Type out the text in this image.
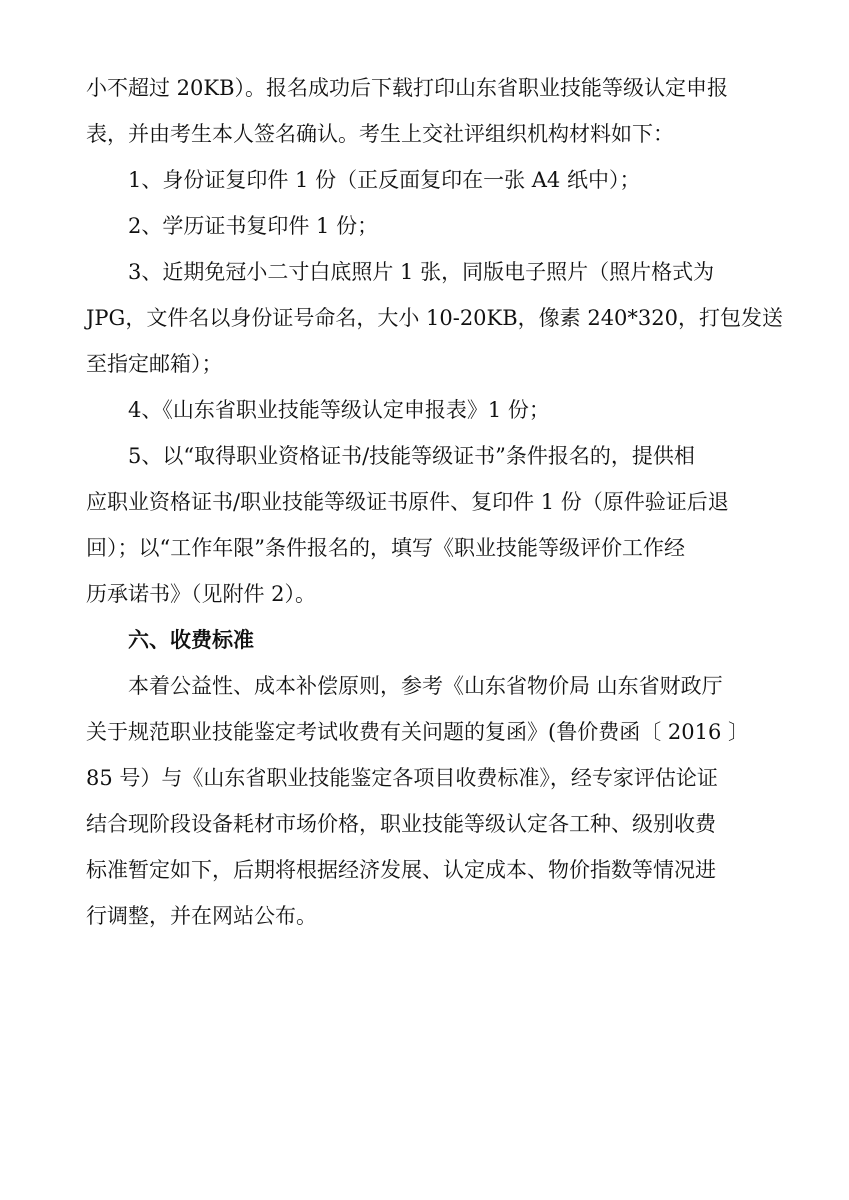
小不超过 20KB）。报名成功后下载打印山东省职业技能等级认定申报
表，并由考生本人签名确认。考生上交社评组织机构材料如下：
1、身份证复印件 1 份（正反面复印在一张 A4 纸中）；
2、学历证书复印件 1 份；
3、近期免冠小二寸白底照片 1 张，同版电子照片（照片格式为
JPG，文件名以身份证号命名，大小 10-20KB，像素 240*320，打包发送
至指定邮箱）；
4、《山东省职业技能等级认定申报表》1 份；
5、以“取得职业资格证书/技能等级证书”条件报名的，提供相
应职业资格证书/职业技能等级证书原件、复印件 1 份（原件验证后退
回）；以“工作年限”条件报名的，填写《职业技能等级评价工作经
历承诺书》（见附件 2）。
六、收费标准
本着公益性、成本补偿原则，参考《山东省物价局 山东省财政厅
关于规范职业技能鉴定考试收费有关问题的复函》(鲁价费函〔 2016 〕
85 号）与《山东省职业技能鉴定各项目收费标准》，经专家评估论证
结合现阶段设备耗材市场价格，职业技能等级认定各工种、级别收费
标准暂定如下，后期将根据经济发展、认定成本、物价指数等情况进
行调整，并在网站公布。
